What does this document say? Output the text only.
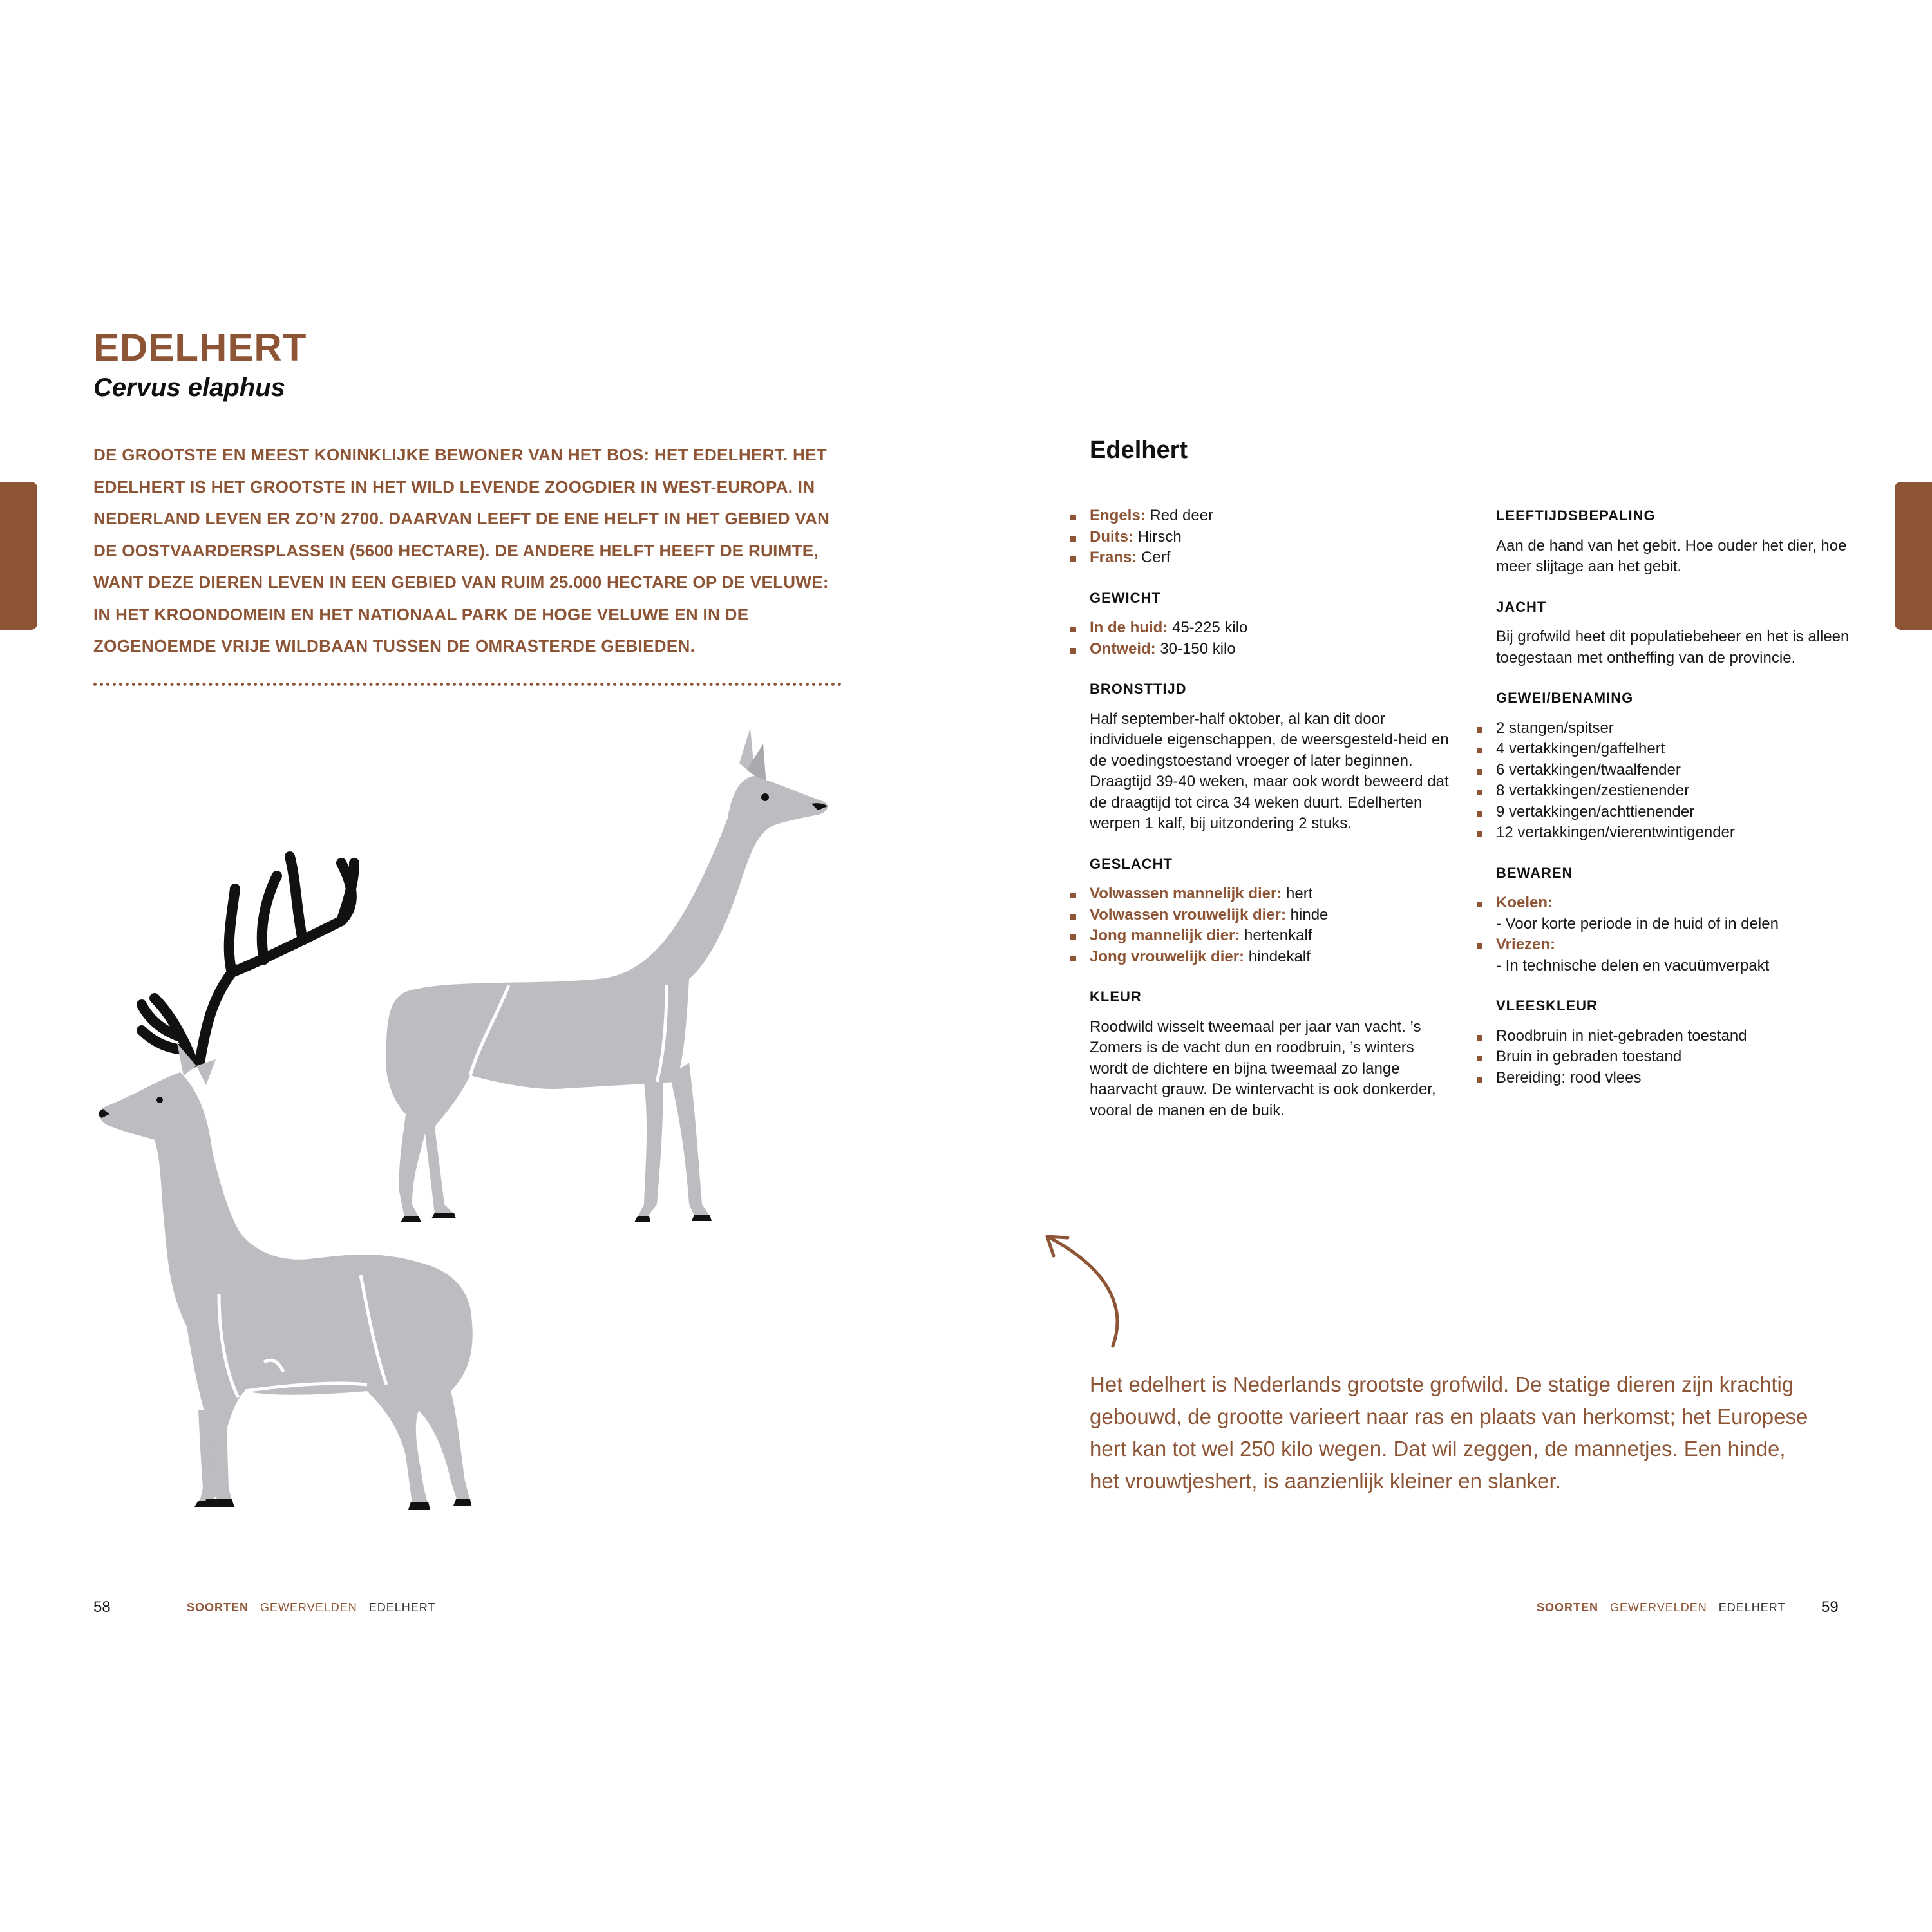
EDELHERT
Cervus elaphus

DE GROOTSTE EN MEEST KONINKLIJKE BEWONER VAN HET BOS: HET EDELHERT. HET EDELHERT IS HET GROOTSTE IN HET WILD LEVENDE ZOOGDIER IN WEST-EUROPA. IN NEDERLAND LEVEN ER ZO’N 2700. DAARVAN LEEFT DE ENE HELFT IN HET GEBIED VAN DE OOSTVAARDERSPLASSEN (5600 HECTARE). DE ANDERE HELFT HEEFT DE RUIMTE, WANT DEZE DIEREN LEVEN IN EEN GEBIED VAN RUIM 25.000 HECTARE OP DE VELUWE: IN HET KROONDOMEIN EN HET NATIONAAL PARK DE HOGE VELUWE EN IN DE ZOGENOEMDE VRIJE WILDBAAN TUSSEN DE OMRASTERDE GEBIEDEN.

Edelhert
Engels: Red deer
Duits: Hirsch
Frans: Cerf
GEWICHT
In de huid: 45-225 kilo
Ontweid: 30-150 kilo
BRONSTTIJD

Half september-half oktober, al kan dit door individuele eigenschappen, de weersgesteld-heid en de voedingstoestand vroeger of later beginnen. Draagtijd 39-40 weken, maar ook wordt beweerd dat de draagtijd tot circa 34 weken duurt. Edelherten werpen 1 kalf, bij uitzondering 2 stuks.

GESLACHT
Volwassen mannelijk dier: hert
Volwassen vrouwelijk dier: hinde
Jong mannelijk dier: hertenkalf
Jong vrouwelijk dier: hindekalf
KLEUR

Roodwild wisselt tweemaal per jaar van vacht. ’s Zomers is de vacht dun en roodbruin, ’s winters wordt de dichtere en bijna tweemaal zo lange haarvacht grauw. De wintervacht is ook donkerder, vooral de manen en de buik.

LEEFTIJDSBEPALING

Aan de hand van het gebit. Hoe ouder het dier, hoe meer slijtage aan het gebit.

JACHT

Bij grofwild heet dit populatiebeheer en het is alleen toegestaan met ontheffing van de provincie.

GEWEI/BENAMING
2 stangen/spitser
4 vertakkingen/gaffelhert
6 vertakkingen/twaalfender
8 vertakkingen/zestienender
9 vertakkingen/achttienender
12 vertakkingen/vierentwintigender
BEWAREN
Koelen:
- Voor korte periode in de huid of in delen
Vriezen:
- In technische delen en vacuümverpakt
VLEESKLEUR
Roodbruin in niet-gebraden toestand
Bruin in gebraden toestand
Bereiding: rood vlees

Het edelhert is Nederlands grootste grofwild. De statige dieren zijn krachtig gebouwd, de grootte varieert naar ras en plaats van herkomst; het Europese hert kan tot wel 250 kilo wegen. Dat wil zeggen, de mannetjes. Een hinde, het vrouwtjeshert, is aanzienlijk kleiner en slanker.

58	SOORTEN GEWERVELDEN EDELHERT	SOORTEN GEWERVELDEN EDELHERT	59
